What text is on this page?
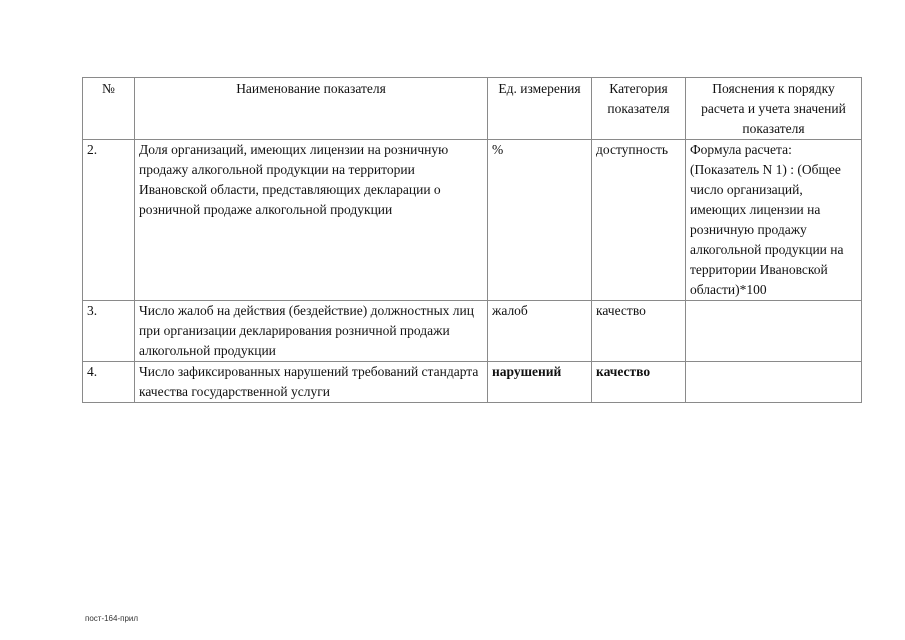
№	Наименование показателя	Ед. измерения	Категория показателя	Пояснения к порядку расчета и учета значений показателя
2.	Доля организаций, имеющих лицензии на розничную продажу алкогольной продукции на территории Ивановской области, представляющих декларации о розничной продаже алкогольной продукции	%	доступность	Формула расчета: (Показатель N 1) : (Общее число организаций, имеющих лицензии на розничную продажу алкогольной продукции на территории Ивановской области)*100
3.	Число жалоб на действия (бездействие) должностных лиц при организации декларирования розничной продажи алкогольной продукции	жалоб	качество	
4.	Число зафиксированных нарушений требований стандарта качества государственной услуги	нарушений	качество	
пост-164-прил
